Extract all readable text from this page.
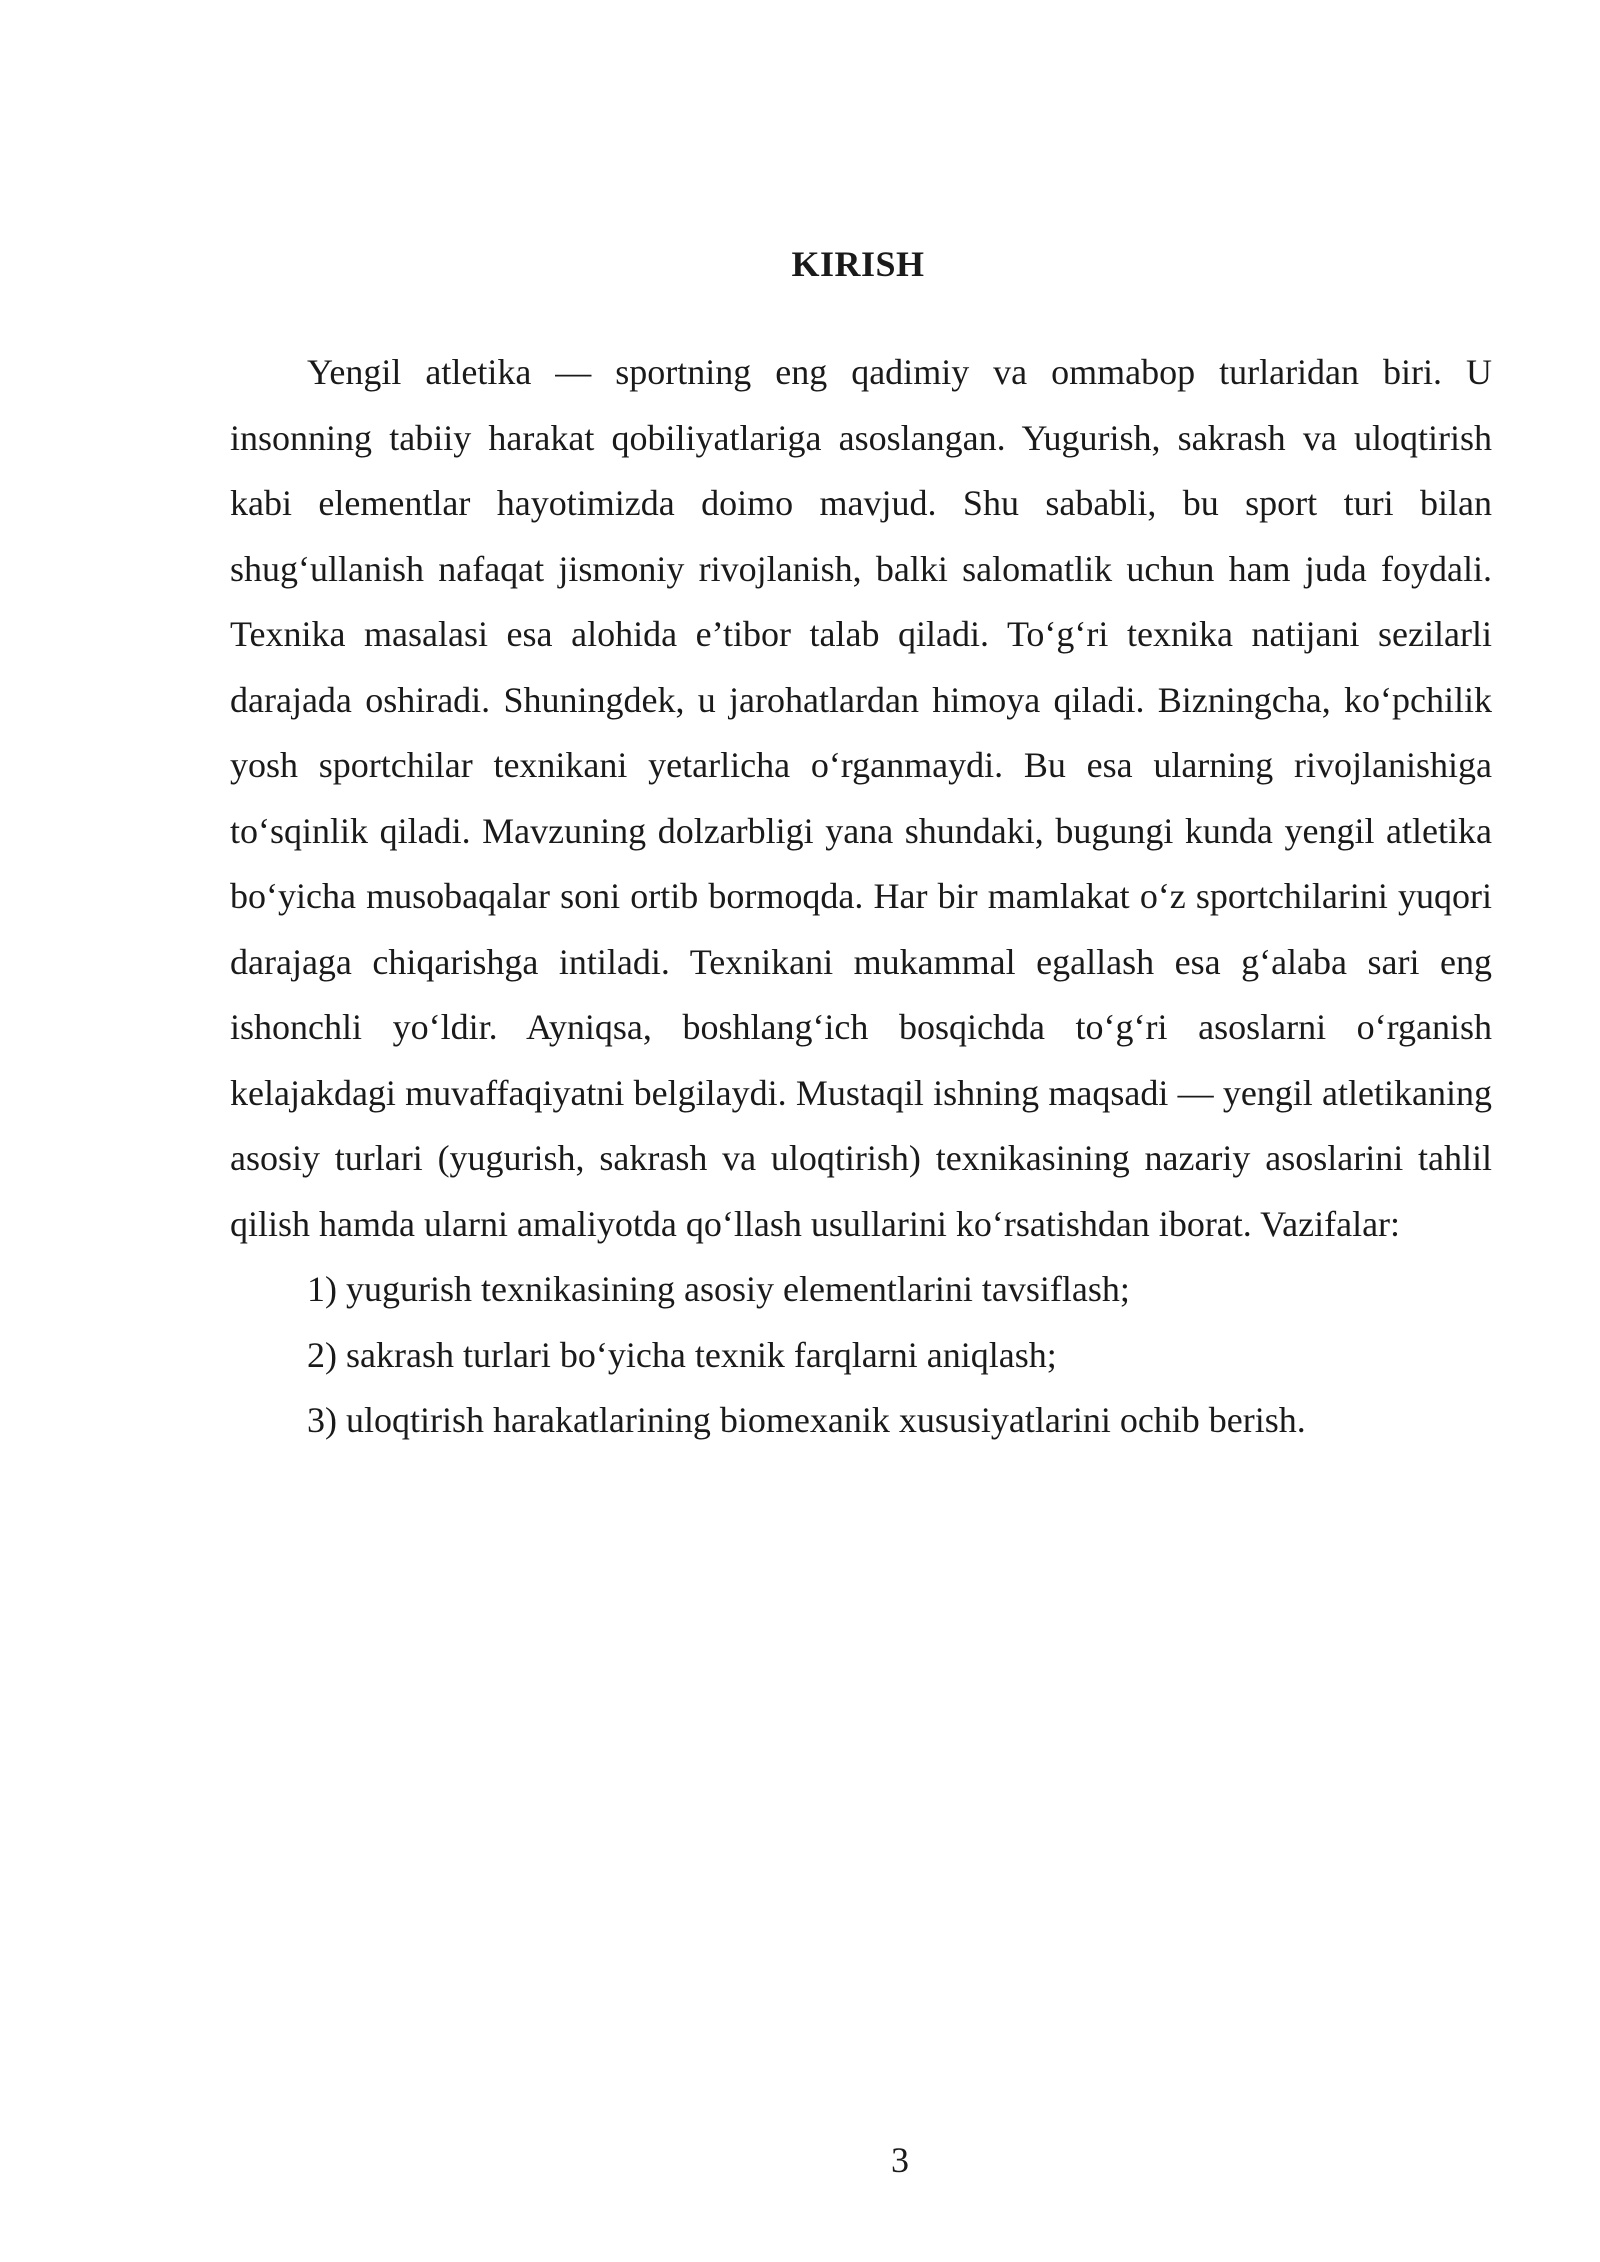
KIRISH

Yengil atletika — sportning eng qadimiy va ommabop turlaridan biri. U insonning tabiiy harakat qobiliyatlariga asoslangan. Yugurish, sakrash va uloqtirish kabi elementlar hayotimizda doimo mavjud. Shu sababli, bu sport turi bilan shug‘ullanish nafaqat jismoniy rivojlanish, balki salomatlik uchun ham juda foydali. Texnika masalasi esa alohida e’tibor talab qiladi. To‘g‘ri texnika natijani sezilarli darajada oshiradi. Shuningdek, u jarohatlardan himoya qiladi. Bizningcha, ko‘pchilik yosh sportchilar texnikani yetarlicha o‘rganmaydi. Bu esa ularning rivojlanishiga to‘sqinlik qiladi. Mavzuning dolzarbligi yana shundaki, bugungi kunda yengil atletika bo‘yicha musobaqalar soni ortib bormoqda. Har bir mamlakat o‘z sportchilarini yuqori darajaga chiqarishga intiladi. Texnikani mukammal egallash esa g‘alaba sari eng ishonchli yo‘ldir. Ayniqsa, boshlang‘ich bosqichda to‘g‘ri asoslarni o‘rganish kelajakdagi muvaffaqiyatni belgilaydi. Mustaqil ishning maqsadi — yengil atletikaning asosiy turlari (yugurish, sakrash va uloqtirish) texnikasining nazariy asoslarini tahlil qilish hamda ularni amaliyotda qo‘llash usullarini ko‘rsatishdan iborat. Vazifalar:

1) yugurish texnikasining asosiy elementlarini tavsiflash;
2) sakrash turlari bo‘yicha texnik farqlarni aniqlash;
3) uloqtirish harakatlarining biomexanik xususiyatlarini ochib berish.
3
